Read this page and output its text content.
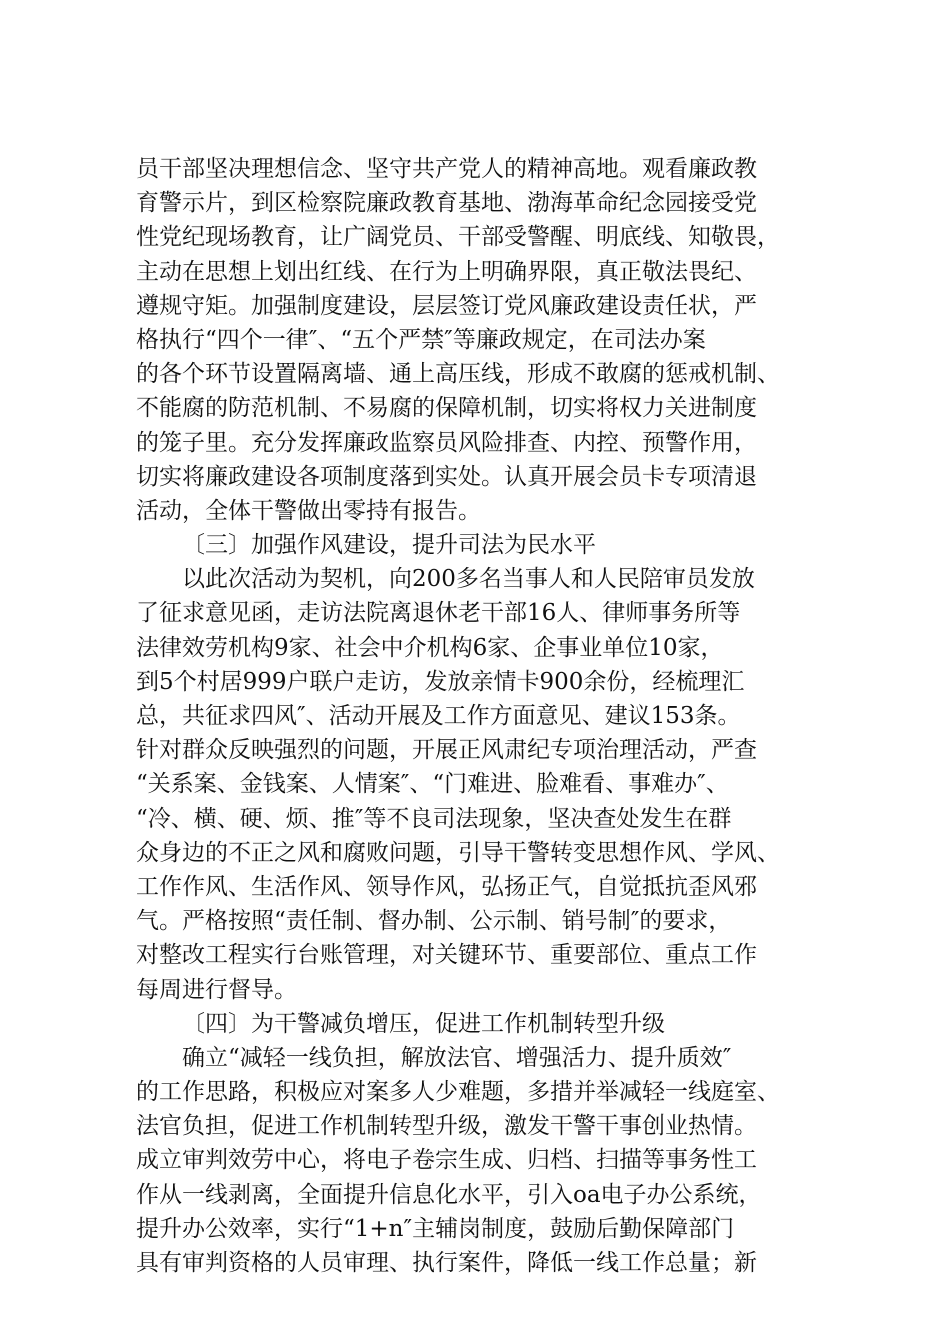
员干部坚决理想信念、坚守共产党人的精神高地。观看廉政教
育警示片，到区检察院廉政教育基地、渤海革命纪念园接受党
性党纪现场教育，让广阔党员、干部受警醒、明底线、知敬畏，
主动在思想上划出红线、在行为上明确界限，真正敬法畏纪、
遵规守矩。加强制度建设，层层签订党风廉政建设责任状，严
格执行“四个一律″、“五个严禁″等廉政规定，在司法办案
的各个环节设置隔离墙、通上高压线，形成不敢腐的惩戒机制、
不能腐的防范机制、不易腐的保障机制，切实将权力关进制度
的笼子里。充分发挥廉政监察员风险排查、内控、预警作用，
切实将廉政建设各项制度落到实处。认真开展会员卡专项清退
活动，全体干警做出零持有报告。
〔三〕加强作风建设，提升司法为民水平
以此次活动为契机，向200多名当事人和人民陪审员发放
了征求意见函，走访法院离退休老干部16人、律师事务所等
法律效劳机构9家、社会中介机构6家、企事业单位10家，
到5个村居999户联户走访，发放亲情卡900余份，经梳理汇
总，共征求四风″、活动开展及工作方面意见、建议153条。
针对群众反映强烈的问题，开展正风肃纪专项治理活动，严查
“关系案、金钱案、人情案″、“门难进、脸难看、事难办″、
“冷、横、硬、烦、推″等不良司法现象，坚决查处发生在群
众身边的不正之风和腐败问题，引导干警转变思想作风、学风、
工作作风、生活作风、领导作风，弘扬正气，自觉抵抗歪风邪
气。严格按照“责任制、督办制、公示制、销号制″的要求，
对整改工程实行台账管理，对关键环节、重要部位、重点工作
每周进行督导。
〔四〕为干警减负增压，促进工作机制转型升级
确立“减轻一线负担，解放法官、增强活力、提升质效″
的工作思路，积极应对案多人少难题，多措并举减轻一线庭室、
法官负担，促进工作机制转型升级，激发干警干事创业热情。
成立审判效劳中心，将电子卷宗生成、归档、扫描等事务性工
作从一线剥离，全面提升信息化水平，引入oa电子办公系统，
提升办公效率，实行“1+n″主辅岗制度，鼓励后勤保障部门
具有审判资格的人员审理、执行案件，降低一线工作总量；新
